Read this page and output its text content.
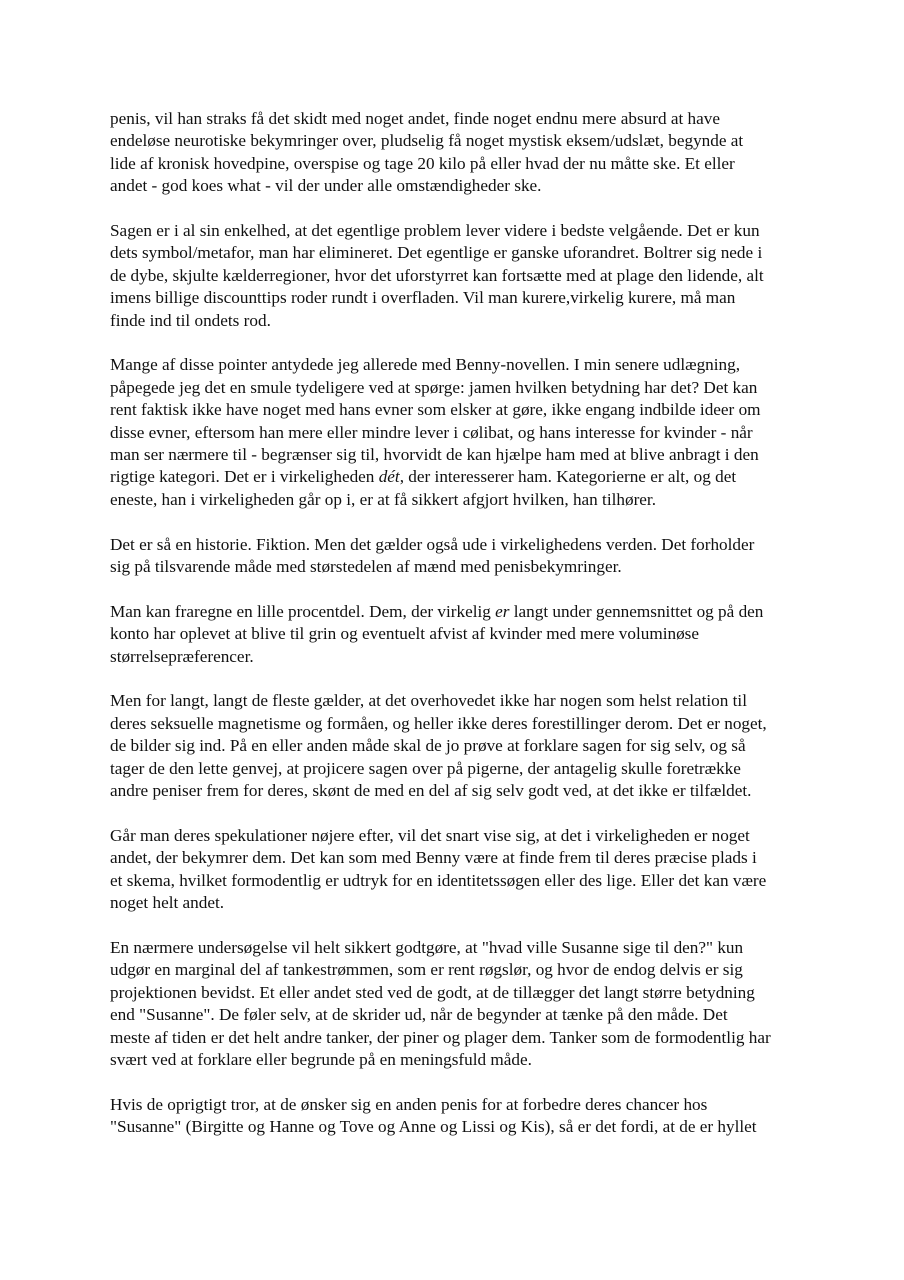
penis, vil han straks få det skidt med noget andet, finde noget endnu mere absurd at have
endeløse neurotiske bekymringer over, pludselig få noget mystisk eksem/udslæt, begynde at
lide af kronisk hovedpine, overspise og tage 20 kilo på eller hvad der nu måtte ske. Et eller
andet - god koes what - vil der under alle omstændigheder ske.

Sagen er i al sin enkelhed, at det egentlige problem lever videre i bedste velgående. Det er kun
dets symbol/metafor, man har elimineret. Det egentlige er ganske uforandret. Boltrer sig nede i
de dybe, skjulte kælderregioner, hvor det uforstyrret kan fortsætte med at plage den lidende, alt
imens billige discounttips roder rundt i overfladen. Vil man kurere,virkelig kurere, må man
finde ind til ondets rod.

Mange af disse pointer antydede jeg allerede med Benny-novellen. I min senere udlægning,
påpegede jeg det en smule tydeligere ved at spørge: jamen hvilken betydning har det? Det kan
rent faktisk ikke have noget med hans evner som elsker at gøre, ikke engang indbilde ideer om
disse evner, eftersom han mere eller mindre lever i cølibat, og hans interesse for kvinder - når
man ser nærmere til - begrænser sig til, hvorvidt de kan hjælpe ham med at blive anbragt i den
rigtige kategori. Det er i virkeligheden dét, der interesserer ham. Kategorierne er alt, og det
eneste, han i virkeligheden går op i, er at få sikkert afgjort hvilken, han tilhører.

Det er så en historie. Fiktion. Men det gælder også ude i virkelighedens verden. Det forholder
sig på tilsvarende måde med størstedelen af mænd med penisbekymringer.

Man kan fraregne en lille procentdel. Dem, der virkelig er langt under gennemsnittet og på den
konto har oplevet at blive til grin og eventuelt afvist af kvinder med mere voluminøse
størrelsepræferencer.

Men for langt, langt de fleste gælder, at det overhovedet ikke har nogen som helst relation til
deres seksuelle magnetisme og formåen, og heller ikke deres forestillinger derom. Det er noget,
de bilder sig ind. På en eller anden måde skal de jo prøve at forklare sagen for sig selv, og så
tager de den lette genvej, at projicere sagen over på pigerne, der antagelig skulle foretrække
andre peniser frem for deres, skønt de med en del af sig selv godt ved, at det ikke er tilfældet.

Går man deres spekulationer nøjere efter, vil det snart vise sig, at det i virkeligheden er noget
andet, der bekymrer dem. Det kan som med Benny være at finde frem til deres præcise plads i
et skema, hvilket formodentlig er udtryk for en identitetssøgen eller des lige. Eller det kan være
noget helt andet.

En nærmere undersøgelse vil helt sikkert godtgøre, at "hvad ville Susanne sige til den?" kun
udgør en marginal del af tankestrømmen, som er rent røgslør, og hvor de endog delvis er sig
projektionen bevidst. Et eller andet sted ved de godt, at de tillægger det langt større betydning
end "Susanne". De føler selv, at de skrider ud, når de begynder at tænke på den måde. Det
meste af tiden er det helt andre tanker, der piner og plager dem. Tanker som de formodentlig har
svært ved at forklare eller begrunde på en meningsfuld måde.

Hvis de oprigtigt tror, at de ønsker sig en anden penis for at forbedre deres chancer hos
"Susanne" (Birgitte og Hanne og Tove og Anne og Lissi og Kis), så er det fordi, at de er hyllet
